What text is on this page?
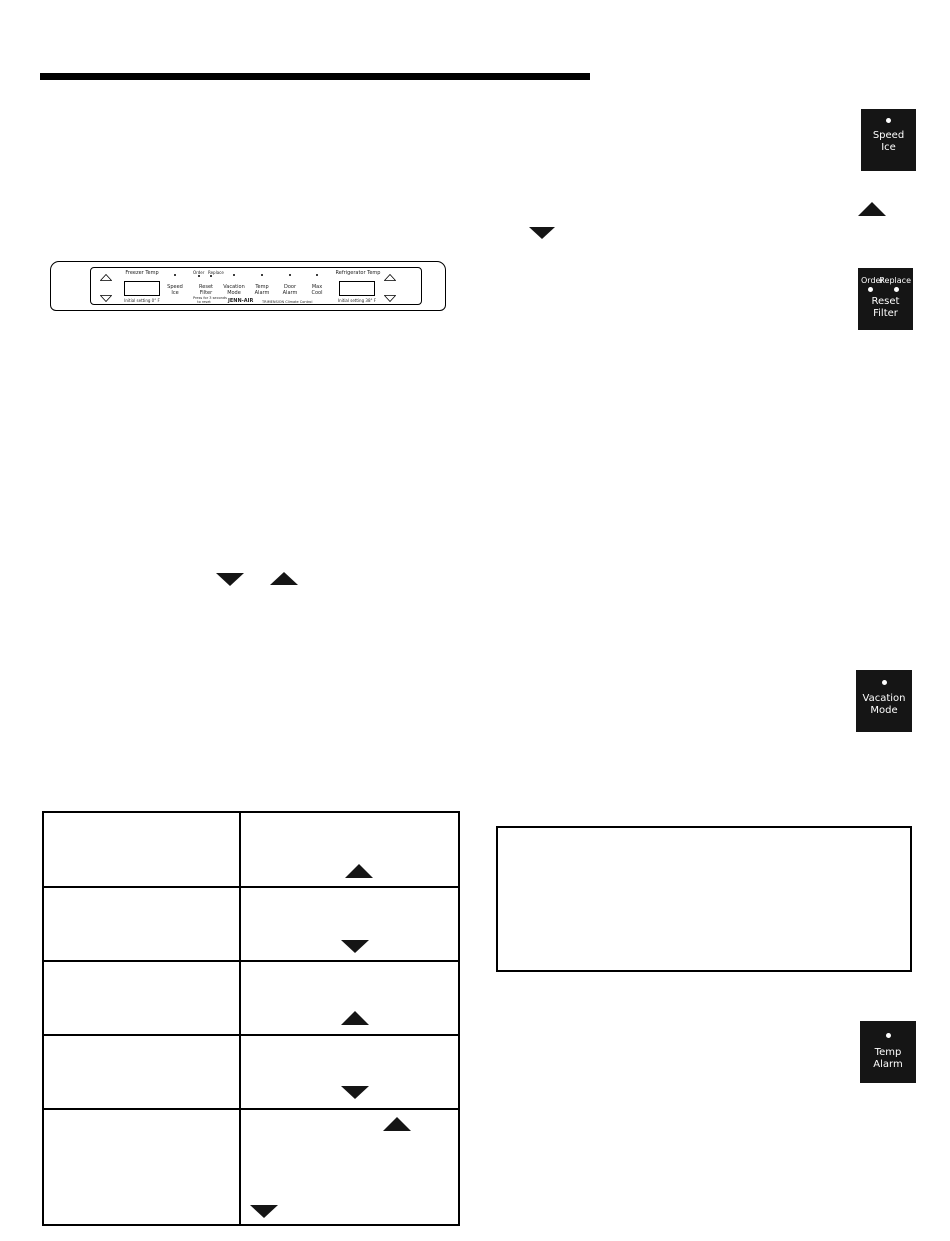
Speed
Ice
Order
Replace
Reset
Filter
Freezer Temp
Initial setting 0° F
Order Replace
Speed
Ice
Reset
Filter
Vacation
Mode
Temp
Alarm
Door
Alarm
Max
Cool
Press for 3 seconds
to reset	JENN-AIR TRIMENSION Climate Control
Refrigerator Temp
Initial setting 38° F
Vacation
Mode

Temp
Alarm
